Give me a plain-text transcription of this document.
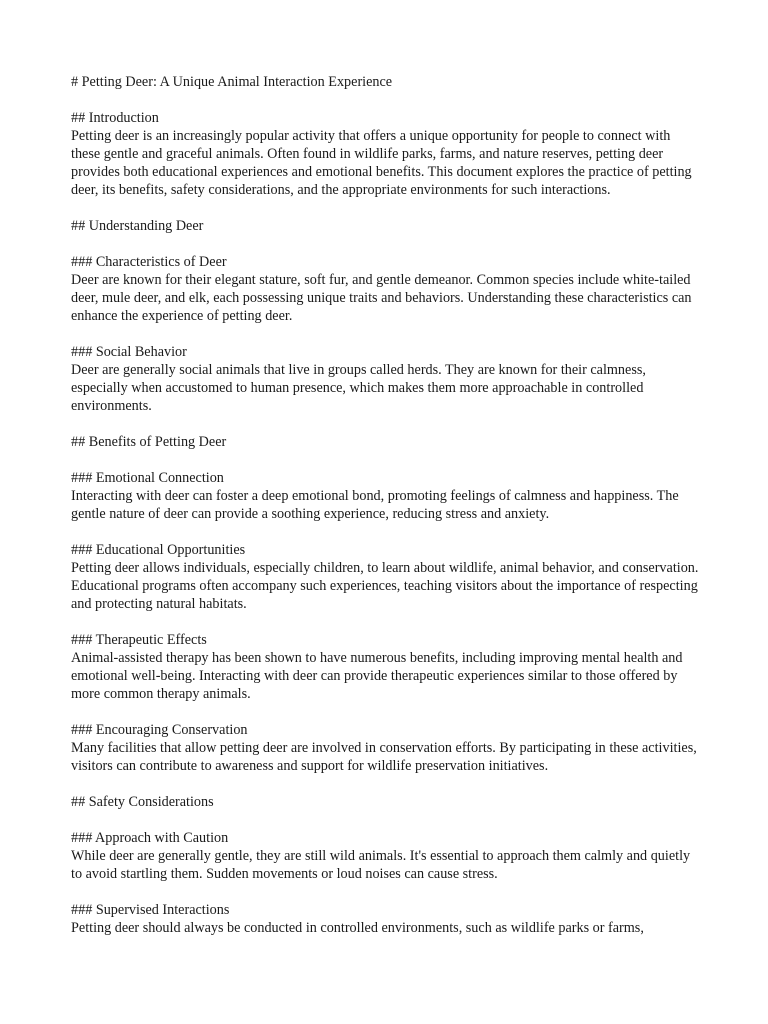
# Petting Deer: A Unique Animal Interaction Experience

## Introduction

Petting deer is an increasingly popular activity that offers a unique opportunity for people to connect with these gentle and graceful animals. Often found in wildlife parks, farms, and nature reserves, petting deer provides both educational experiences and emotional benefits. This document explores the practice of petting deer, its benefits, safety considerations, and the appropriate environments for such interactions.

## Understanding Deer

### Characteristics of Deer

Deer are known for their elegant stature, soft fur, and gentle demeanor. Common species include white-tailed deer, mule deer, and elk, each possessing unique traits and behaviors. Understanding these characteristics can enhance the experience of petting deer.

### Social Behavior

Deer are generally social animals that live in groups called herds. They are known for their calmness, especially when accustomed to human presence, which makes them more approachable in controlled environments.

## Benefits of Petting Deer

### Emotional Connection

Interacting with deer can foster a deep emotional bond, promoting feelings of calmness and happiness. The gentle nature of deer can provide a soothing experience, reducing stress and anxiety.

### Educational Opportunities

Petting deer allows individuals, especially children, to learn about wildlife, animal behavior, and conservation. Educational programs often accompany such experiences, teaching visitors about the importance of respecting and protecting natural habitats.

### Therapeutic Effects

Animal-assisted therapy has been shown to have numerous benefits, including improving mental health and emotional well-being. Interacting with deer can provide therapeutic experiences similar to those offered by more common therapy animals.

### Encouraging Conservation

Many facilities that allow petting deer are involved in conservation efforts. By participating in these activities, visitors can contribute to awareness and support for wildlife preservation initiatives.

## Safety Considerations

### Approach with Caution

While deer are generally gentle, they are still wild animals. It's essential to approach them calmly and quietly to avoid startling them. Sudden movements or loud noises can cause stress.

### Supervised Interactions

Petting deer should always be conducted in controlled environments, such as wildlife parks or farms,
